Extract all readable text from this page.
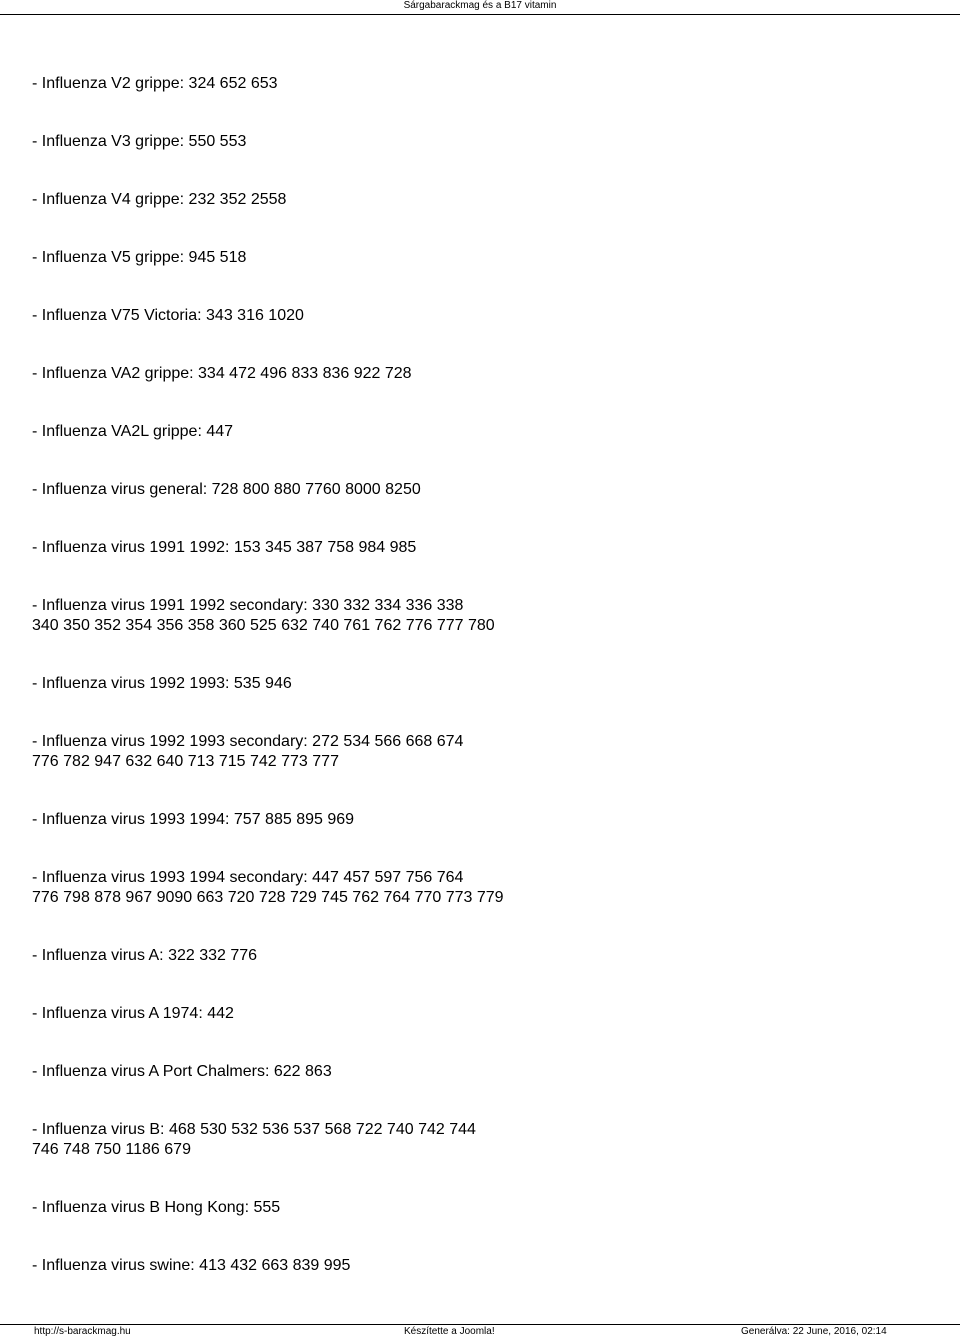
Sárgabarackmag és a B17 vitamin
- Influenza V2 grippe: 324 652 653
- Influenza V3 grippe: 550 553
- Influenza V4 grippe: 232 352 2558
- Influenza V5 grippe: 945 518
- Influenza V75 Victoria: 343 316 1020
- Influenza VA2 grippe: 334 472 496 833 836 922 728
- Influenza VA2L grippe: 447
- Influenza virus general: 728 800 880 7760 8000 8250
- Influenza virus 1991 1992: 153 345 387 758 984 985
- Influenza virus 1991 1992 secondary: 330 332 334 336 338
340 350 352 354 356 358 360 525 632 740 761 762 776 777 780
- Influenza virus 1992 1993: 535 946
- Influenza virus 1992 1993 secondary: 272 534 566 668 674
776 782 947 632 640 713 715 742 773 777
- Influenza virus 1993 1994: 757 885 895 969
- Influenza virus 1993 1994 secondary: 447 457 597 756 764
776 798 878 967 9090 663 720 728 729 745 762 764 770 773 779
- Influenza virus A: 322 332 776
- Influenza virus A 1974: 442
- Influenza virus A Port Chalmers: 622 863
- Influenza virus B: 468 530 532 536 537 568 722 740 742 744
746 748 750 1186 679
- Influenza virus B Hong Kong: 555
- Influenza virus swine: 413 432 663 839 995
http://s-barackmag.hu	Készítette a Joomla!	Generálva: 22 June, 2016, 02:14
